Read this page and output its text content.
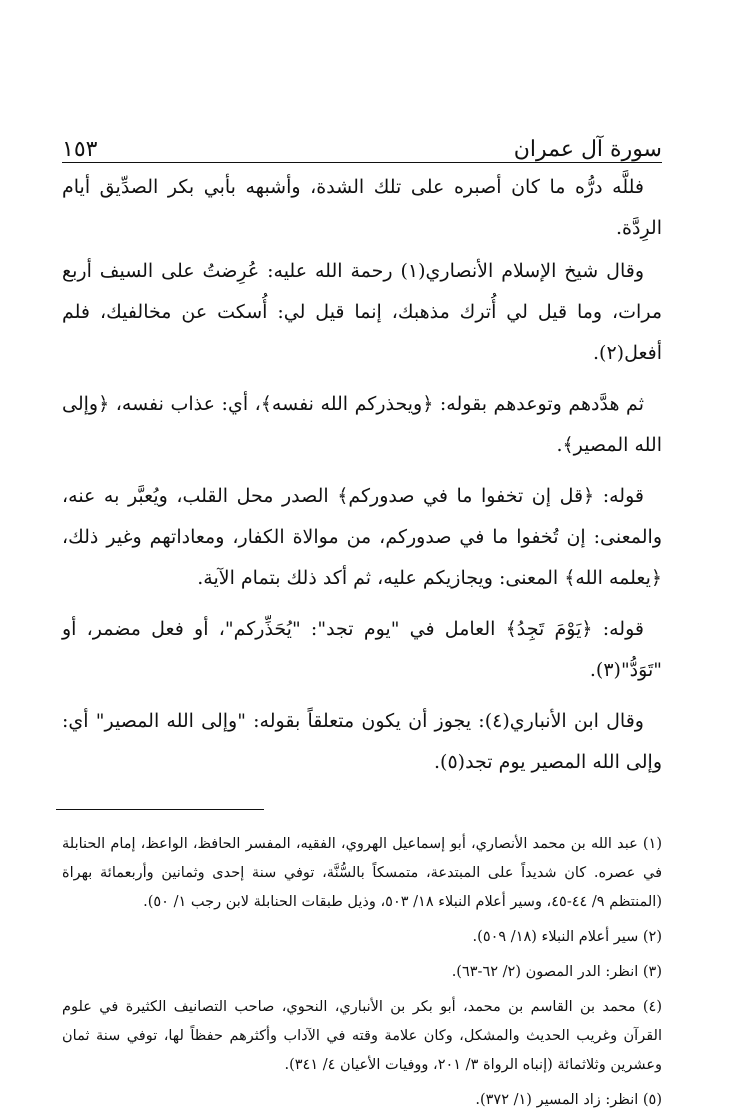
سورة آل عمران
١٥٣

فللَّه درُّه ما كان أصبره على تلك الشدة، وأشبهه بأبي بكر الصدِّيق أيام الرِدَّة.

وقال شيخ الإسلام الأنصاري(١) رحمة الله عليه: عُرِضتُ على السيف أربع مرات، وما قيل لي أُترك مذهبك، إنما قيل لي: أُسكت عن مخالفيك، فلم أفعل(٢).

ثم هدَّدهم وتوعدهم بقوله: ﴿ويحذركم الله نفسه﴾، أي: عذاب نفسه، ﴿وإلى الله المصير﴾.

قوله: ﴿قل إن تخفوا ما في صدوركم﴾ الصدر محل القلب، ويُعبَّر به عنه، والمعنى: إن تُخفوا ما في صدوركم، من موالاة الكفار، ومعاداتهم وغير ذلك، ﴿يعلمه الله﴾ المعنى: ويجازيكم عليه، ثم أكد ذلك بتمام الآية.

قوله: ﴿يَوْمَ تَجِدُ﴾ العامل في "يوم تجد": "يُحَذِّركم"، أو فعل مضمر، أو "تَوَدُّ"(٣).

وقال ابن الأنباري(٤): يجوز أن يكون متعلقاً بقوله: "وإلى الله المصير" أي: وإلى الله المصير يوم تجد(٥).

(١) عبد الله بن محمد الأنصاري، أبو إسماعيل الهروي، الفقيه، المفسر الحافظ، الواعظ، إمام الحنابلة في عصره. كان شديداً على المبتدعة، متمسكاً بالسُّنَّة، توفي سنة إحدى وثمانين وأربعمائة بهراة (المنتظم ٩/ ٤٤-٤٥، وسير أعلام النبلاء ١٨/ ٥٠٣، وذيل طبقات الحنابلة لابن رجب ١/ ٥٠).

(٢) سير أعلام النبلاء (١٨/ ٥٠٩).

(٣) انظر: الدر المصون (٢/ ٦٢-٦٣).

(٤) محمد بن القاسم بن محمد، أبو بكر بن الأنباري، النحوي، صاحب التصانيف الكثيرة في علوم القرآن وغريب الحديث والمشكل، وكان علامة وقته في الآداب وأكثرهم حفظاً لها، توفي سنة ثمان وعشرين وثلاثمائة (إنباه الرواة ٣/ ٢٠١، ووفيات الأعيان ٤/ ٣٤١).

(٥) انظر: زاد المسير (١/ ٣٧٢).
